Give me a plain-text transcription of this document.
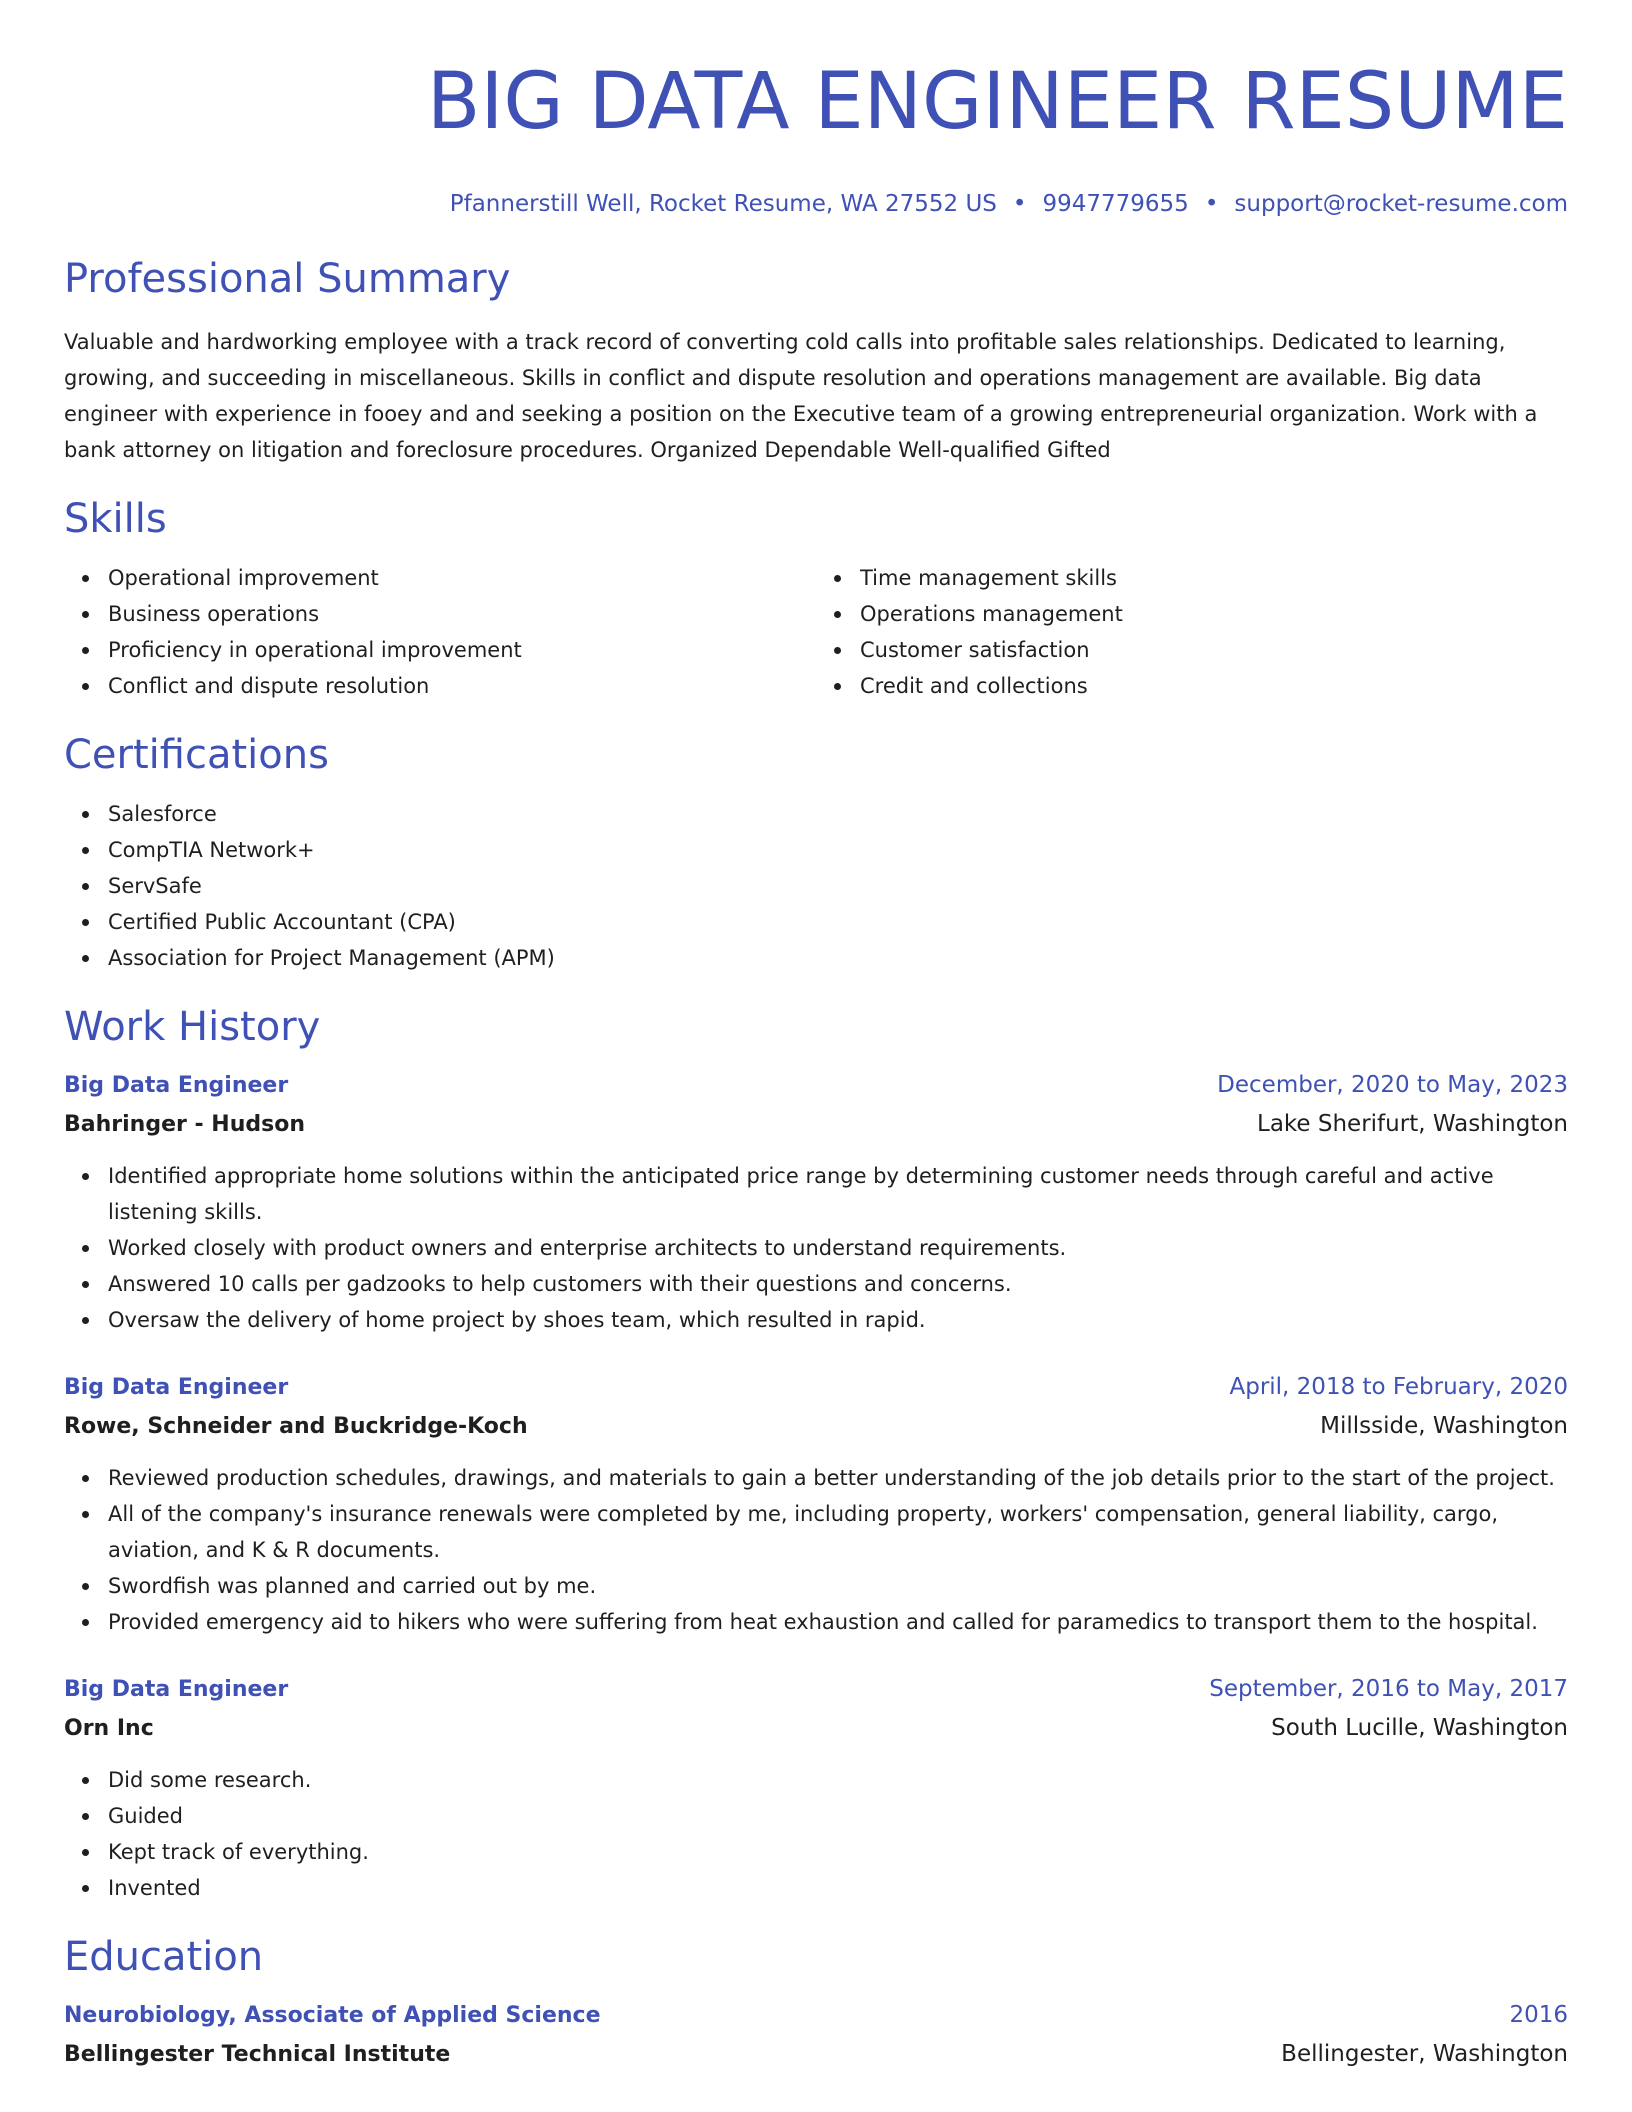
BIG DATA ENGINEER RESUME
Pfannerstill Well, Rocket Resume, WA 27552 US • 9947779655 • support@rocket-resume.com
Professional Summary

Valuable and hardworking employee with a track record of converting cold calls into profitable sales relationships. Dedicated to learning, growing, and succeeding in miscellaneous. Skills in conflict and dispute resolution and operations management are available. Big data engineer with experience in fooey and and seeking a position on the Executive team of a growing entrepreneurial organization. Work with a bank attorney on litigation and foreclosure procedures. Organized Dependable Well-qualified Gifted

Skills
Operational improvement
Business operations
Proficiency in operational improvement
Conflict and dispute resolution
Time management skills
Operations management
Customer satisfaction
Credit and collections
Certifications
Salesforce
CompTIA Network+
ServSafe
Certified Public Accountant (CPA)
Association for Project Management (APM)
Work History
Big Data Engineer	December, 2020 to May, 2023
Bahringer - Hudson	Lake Sherifurt, Washington
Identified appropriate home solutions within the anticipated price range by determining customer needs through careful and active listening skills.
Worked closely with product owners and enterprise architects to understand requirements.
Answered 10 calls per gadzooks to help customers with their questions and concerns.
Oversaw the delivery of home project by shoes team, which resulted in rapid.
Big Data Engineer	April, 2018 to February, 2020
Rowe, Schneider and Buckridge-Koch	Millsside, Washington
Reviewed production schedules, drawings, and materials to gain a better understanding of the job details prior to the start of the project.
All of the company's insurance renewals were completed by me, including property, workers' compensation, general liability, cargo, aviation, and K & R documents.
Swordfish was planned and carried out by me.
Provided emergency aid to hikers who were suffering from heat exhaustion and called for paramedics to transport them to the hospital.
Big Data Engineer	September, 2016 to May, 2017
Orn Inc	South Lucille, Washington
Did some research.
Guided
Kept track of everything.
Invented
Education
Neurobiology, Associate of Applied Science	2016
Bellingester Technical Institute	Bellingester, Washington
